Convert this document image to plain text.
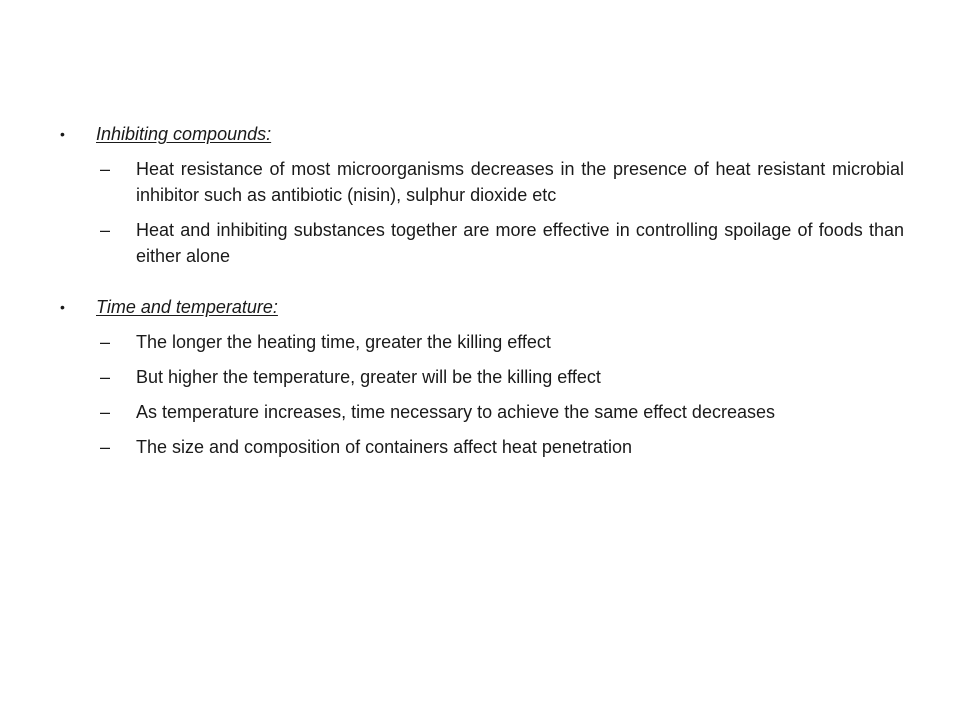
• Inhibiting compounds:
–	Heat resistance of most microorganisms decreases in the presence of heat resistant microbial inhibitor such as antibiotic (nisin), sulphur dioxide etc
–	Heat and inhibiting substances together are more effective in controlling spoilage of foods than either alone
• Time and temperature:
–	The longer the heating time, greater the killing effect
–	But higher the temperature, greater will be the killing effect
–	As temperature increases, time necessary to achieve the same effect decreases
–	The size and composition of containers affect heat penetration
